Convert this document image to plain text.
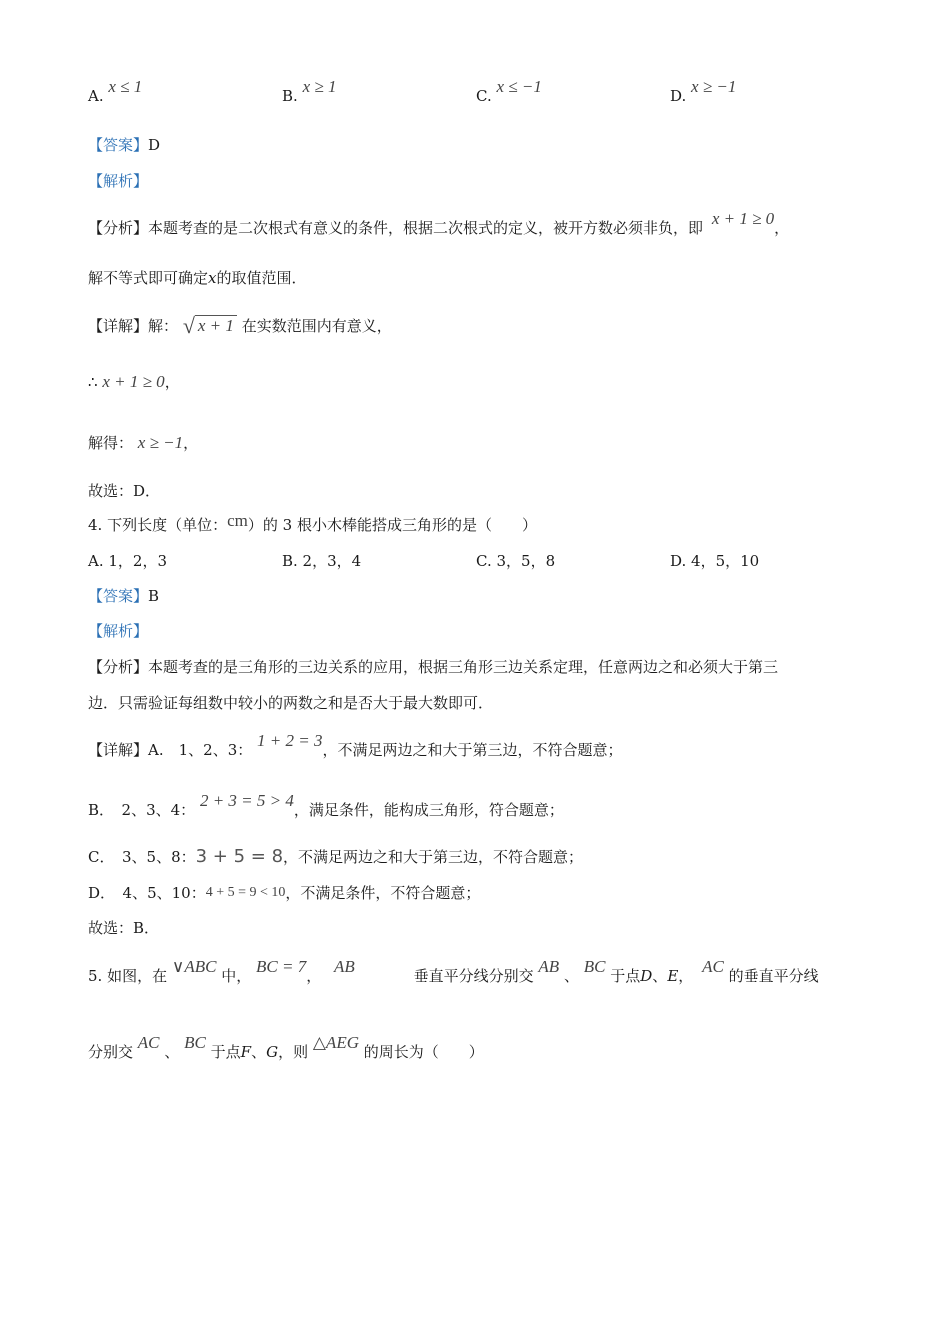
A. x ≤ 1	B. x ≥ 1	C. x ≤ −1	D. x ≥ −1
【答案】D
【解析】
【分析】本题考查的是二次根式有意义的条件，根据二次根式的定义，被开方数必须非负，即 x + 1 ≥ 0，
解不等式即可确定x的取值范围．
【详解】解： √ x + 1 在实数范围内有意义，
∴ x + 1 ≥ 0，
解得： x ≥ −1，
故选：D．
4. 下列长度（单位：cm）的 3 根小木棒能搭成三角形的是（　　）
A. 1，2，3	B. 2，3，4	C. 3，5，8	D. 4，5，10
【答案】B
【解析】
【分析】本题考查的是三角形的三边关系的应用，根据三角形三边关系定理，任意两边之和必须大于第三
边．只需验证每组数中较小的两数之和是否大于最大数即可．
【详解】A.　1、2、3： 1 + 2 = 3，不满足两边之和大于第三边，不符合题意；
B．　2、3、4： 2 + 3 = 5 > 4，满足条件，能构成三角形，符合题意；
C．　3、5、8：3 + 5 = 8，不满足两边之和大于第三边，不符合题意；
D．　4、5、10：4 + 5 = 9 < 10，不满足条件，不符合题意；
故选：B．
5. 如图，在 ∨ABC 中， BC = 7， AB	垂直平分线分别交 AB 、 BC 于点D、E， AC 的垂直平分线
分别交 AC 、 BC 于点F、G，则 △AEG 的周长为（　　）
